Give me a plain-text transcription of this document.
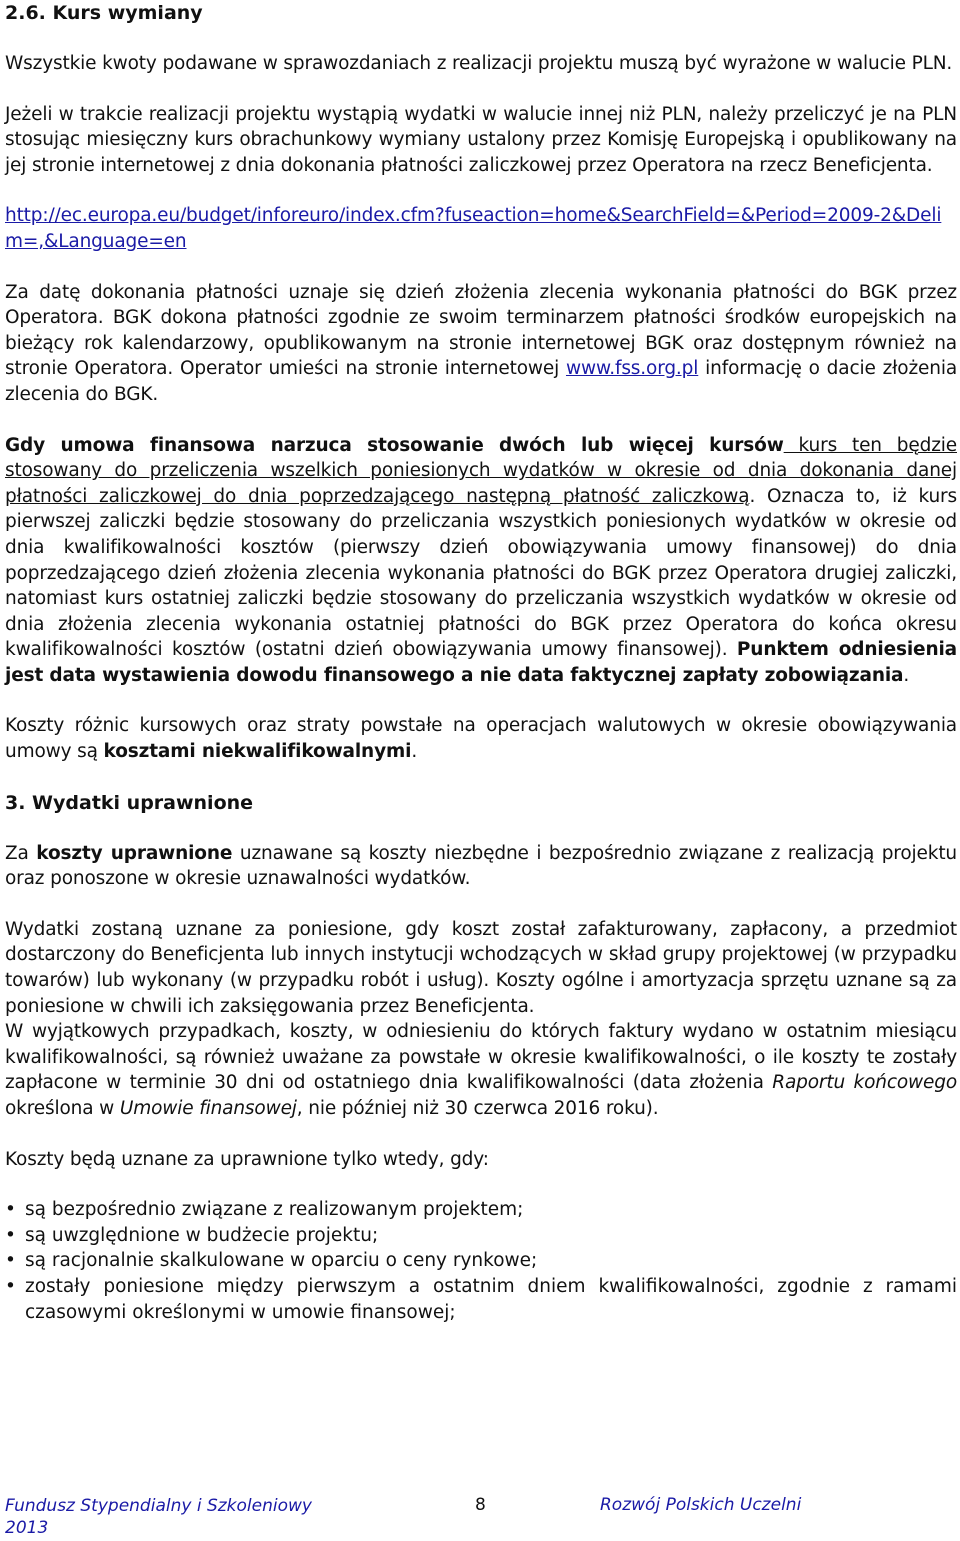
2.6. Kurs wymiany

Wszystkie kwoty podawane w sprawozdaniach z realizacji projektu muszą być wyrażone w walucie PLN.

Jeżeli w trakcie realizacji projektu wystąpią wydatki w walucie innej niż PLN, należy przeliczyć je na PLN stosując miesięczny kurs obrachunkowy wymiany ustalony przez Komisję Europejską i opublikowany na jej stronie internetowej z dnia dokonania płatności zaliczkowej przez Operatora na rzecz Beneficjenta.

http://ec.europa.eu/budget/inforeuro/index.cfm?fuseaction=home&SearchField=&Period=2009-2&Delim=,&Language=en

Za datę dokonania płatności uznaje się dzień złożenia zlecenia wykonania płatności do BGK przez Operatora. BGK dokona płatności zgodnie ze swoim terminarzem płatności środków europejskich na bieżący rok kalendarzowy, opublikowanym na stronie internetowej BGK oraz dostępnym również na stronie Operatora. Operator umieści na stronie internetowej www.fss.org.pl informację o dacie złożenia zlecenia do BGK.

Gdy umowa finansowa narzuca stosowanie dwóch lub więcej kursów kurs ten będzie stosowany do przeliczenia wszelkich poniesionych wydatków w okresie od dnia dokonania danej płatności zaliczkowej do dnia poprzedzającego następną płatność zaliczkową. Oznacza to, iż kurs pierwszej zaliczki będzie stosowany do przeliczania wszystkich poniesionych wydatków w okresie od dnia kwalifikowalności kosztów (pierwszy dzień obowiązywania umowy finansowej) do dnia poprzedzającego dzień złożenia zlecenia wykonania płatności do BGK przez Operatora drugiej zaliczki, natomiast kurs ostatniej zaliczki będzie stosowany do przeliczania wszystkich wydatków w okresie od dnia złożenia zlecenia wykonania ostatniej płatności do BGK przez Operatora do końca okresu kwalifikowalności kosztów (ostatni dzień obowiązywania umowy finansowej). Punktem odniesienia jest data wystawienia dowodu finansowego a nie data faktycznej zapłaty zobowiązania.

Koszty różnic kursowych oraz straty powstałe na operacjach walutowych w okresie obowiązywania umowy są kosztami niekwalifikowalnymi.

3. Wydatki uprawnione

Za koszty uprawnione uznawane są koszty niezbędne i bezpośrednio związane z realizacją projektu oraz ponoszone w okresie uznawalności wydatków.

Wydatki zostaną uznane za poniesione, gdy koszt został zafakturowany, zapłacony, a przedmiot dostarczony do Beneficjenta lub innych instytucji wchodzących w skład grupy projektowej (w przypadku towarów) lub wykonany (w przypadku robót i usług). Koszty ogólne i amortyzacja sprzętu uznane są za poniesione w chwili ich zaksięgowania przez Beneficjenta.

W wyjątkowych przypadkach, koszty, w odniesieniu do których faktury wydano w ostatnim miesiącu kwalifikowalności, są również uważane za powstałe w okresie kwalifikowalności, o ile koszty te zostały zapłacone w terminie 30 dni od ostatniego dnia kwalifikowalności (data złożenia Raportu końcowego określona w Umowie finansowej, nie później niż 30 czerwca 2016 roku).

Koszty będą uznane za uprawnione tylko wtedy, gdy:

• są bezpośrednio związane z realizowanym projektem;
• są uwzględnione w budżecie projektu;
• są racjonalnie skalkulowane w oparciu o ceny rynkowe;
• zostały poniesione między pierwszym a ostatnim dniem kwalifikowalności, zgodnie z ramami czasowymi określonymi w umowie finansowej;
Fundusz Stypendialny i Szkoleniowy 2013
8	Rozwój Polskich Uczelni
